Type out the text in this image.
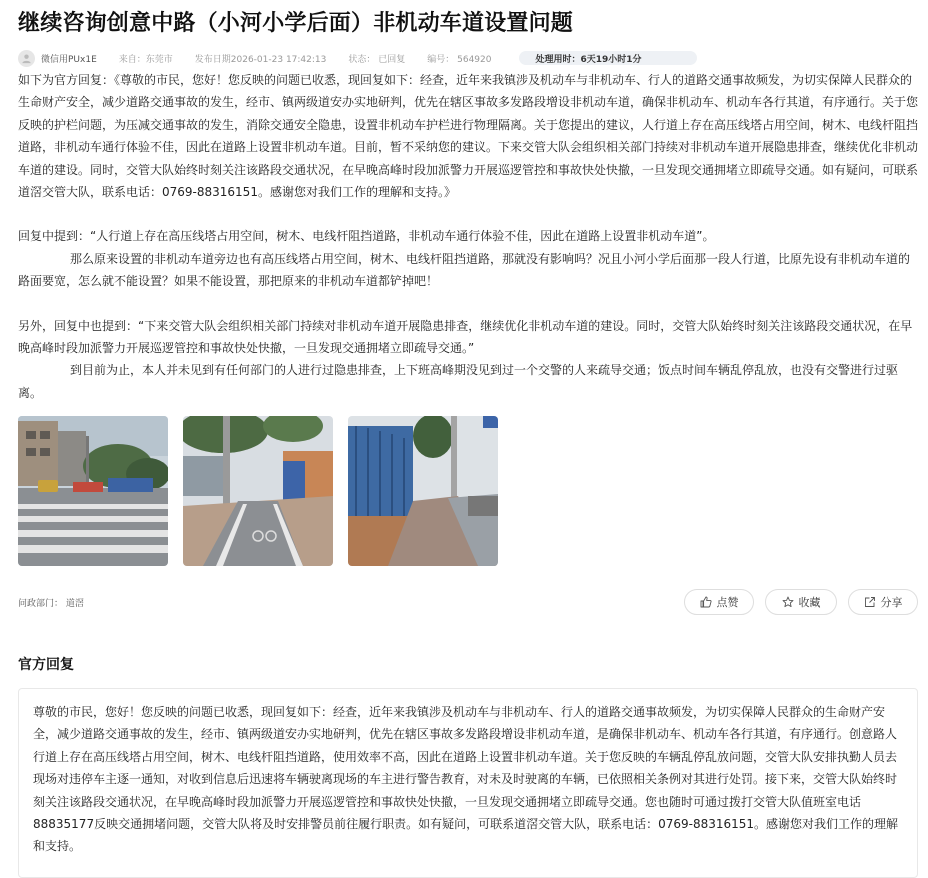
继续咨询创意中路（小河小学后面）非机动车道设置问题
微信用PUx1E 来自：东莞市 发布日期2026-01-23 17:42:13 状态： 已回复 编号： 564920	处理用时： 6天19小时1分

如下为官方回复：《尊敬的市民，您好！您反映的问题已收悉，现回复如下：经查，近年来我镇涉及机动车与非机动车、行人的道路交通事故频发，为切实保障人民群众的生命财产安全，减少道路交通事故的发生，经市、镇两级道安办实地研判，优先在辖区事故多发路段增设非机动车道，确保非机动车、机动车各行其道，有序通行。关于您反映的护栏问题，为压减交通事故的发生，消除交通安全隐患，设置非机动车护栏进行物理隔离。关于您提出的建议，人行道上存在高压线塔占用空间，树木、电线杆阻挡道路，非机动车通行体验不佳，因此在道路上设置非机动车道。目前，暂不采纳您的建议。下来交管大队会组织相关部门持续对非机动车道开展隐患排查，继续优化非机动车道的建设。同时，交管大队始终时刻关注该路段交通状况，在早晚高峰时段加派警力开展巡逻管控和事故快处快撤，一旦发现交通拥堵立即疏导交通。如有疑问，可联系道滘交管大队，联系电话：0769-88316151。感谢您对我们工作的理解和支持。》

回复中提到：“人行道上存在高压线塔占用空间，树木、电线杆阻挡道路，非机动车通行体验不佳，因此在道路上设置非机动车道”。

那么原来设置的非机动车道旁边也有高压线塔占用空间，树木、电线杆阻挡道路，那就没有影响吗？况且小河小学后面那一段人行道，比原先设有非机动车道的路面要宽，怎么就不能设置？如果不能设置，那把原来的非机动车道都铲掉吧！

另外，回复中也提到：“下来交管大队会组织相关部门持续对非机动车道开展隐患排查，继续优化非机动车道的建设。同时，交管大队始终时刻关注该路段交通状况，在早晚高峰时段加派警力开展巡逻管控和事故快处快撤，一旦发现交通拥堵立即疏导交通。”

到目前为止，本人并未见到有任何部门的人进行过隐患排查，上下班高峰期没见到过一个交警的人来疏导交通；饭点时间车辆乱停乱放，也没有交警进行过驱离。

问政部门： 道滘	点赞	收藏	分享
官方回复

尊敬的市民，您好！您反映的问题已收悉，现回复如下：经查，近年来我镇涉及机动车与非机动车、行人的道路交通事故频发，为切实保障人民群众的生命财产安全，减少道路交通事故的发生，经市、镇两级道安办实地研判，优先在辖区事故多发路段增设非机动车道，是确保非机动车、机动车各行其道，有序通行。创意路人行道上存在高压线塔占用空间，树木、电线杆阻挡道路，使用效率不高，因此在道路上设置非机动车道。关于您反映的车辆乱停乱放问题，交管大队安排执勤人员去现场对违停车主逐一通知，对收到信息后迅速将车辆驶离现场的车主进行警告教育，对未及时驶离的车辆，已依照相关条例对其进行处罚。接下来，交管大队始终时刻关注该路段交通状况，在早晚高峰时段加派警力开展巡逻管控和事故快处快撤，一旦发现交通拥堵立即疏导交通。您也随时可通过拨打交管大队值班室电话88835177反映交通拥堵问题，交管大队将及时安排警员前往履行职责。如有疑问，可联系道滘交管大队，联系电话：0769-88316151。感谢您对我们工作的理解和支持。
